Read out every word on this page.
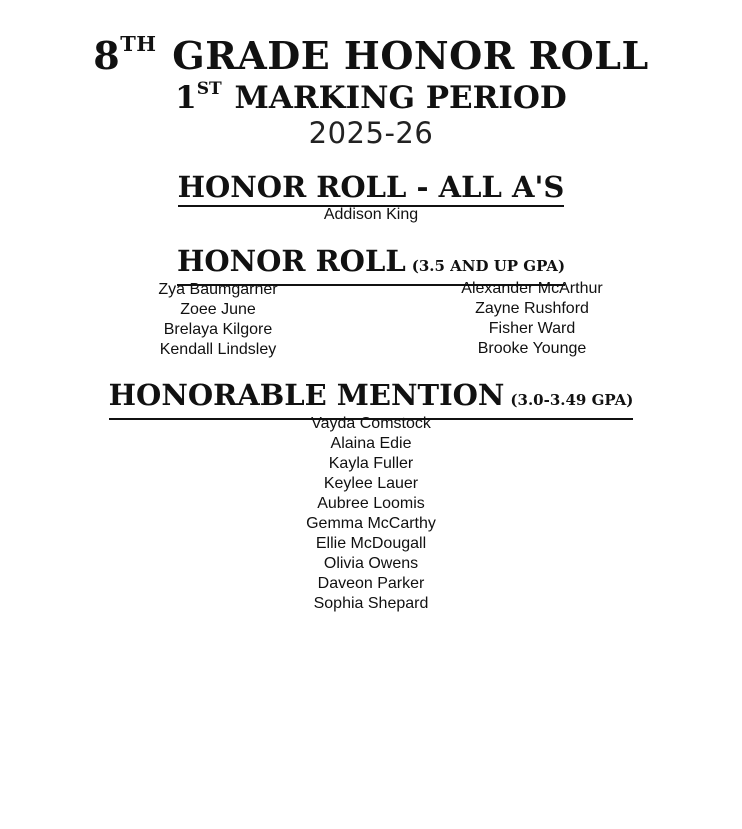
8TH GRADE HONOR ROLL
1ST MARKING PERIOD
2025-26
HONOR ROLL - ALL A'S
Addison King
HONOR ROLL (3.5 AND UP GPA)
Zya Baumgarner
Zoee June
Brelaya Kilgore
Kendall Lindsley
Alexander McArthur
Zayne Rushford
Fisher Ward
Brooke Younge
HONORABLE MENTION (3.0-3.49 GPA)
Vayda Comstock
Alaina Edie
Kayla Fuller
Keylee Lauer
Aubree Loomis
Gemma McCarthy
Ellie McDougall
Olivia Owens
Daveon Parker
Sophia Shepard
